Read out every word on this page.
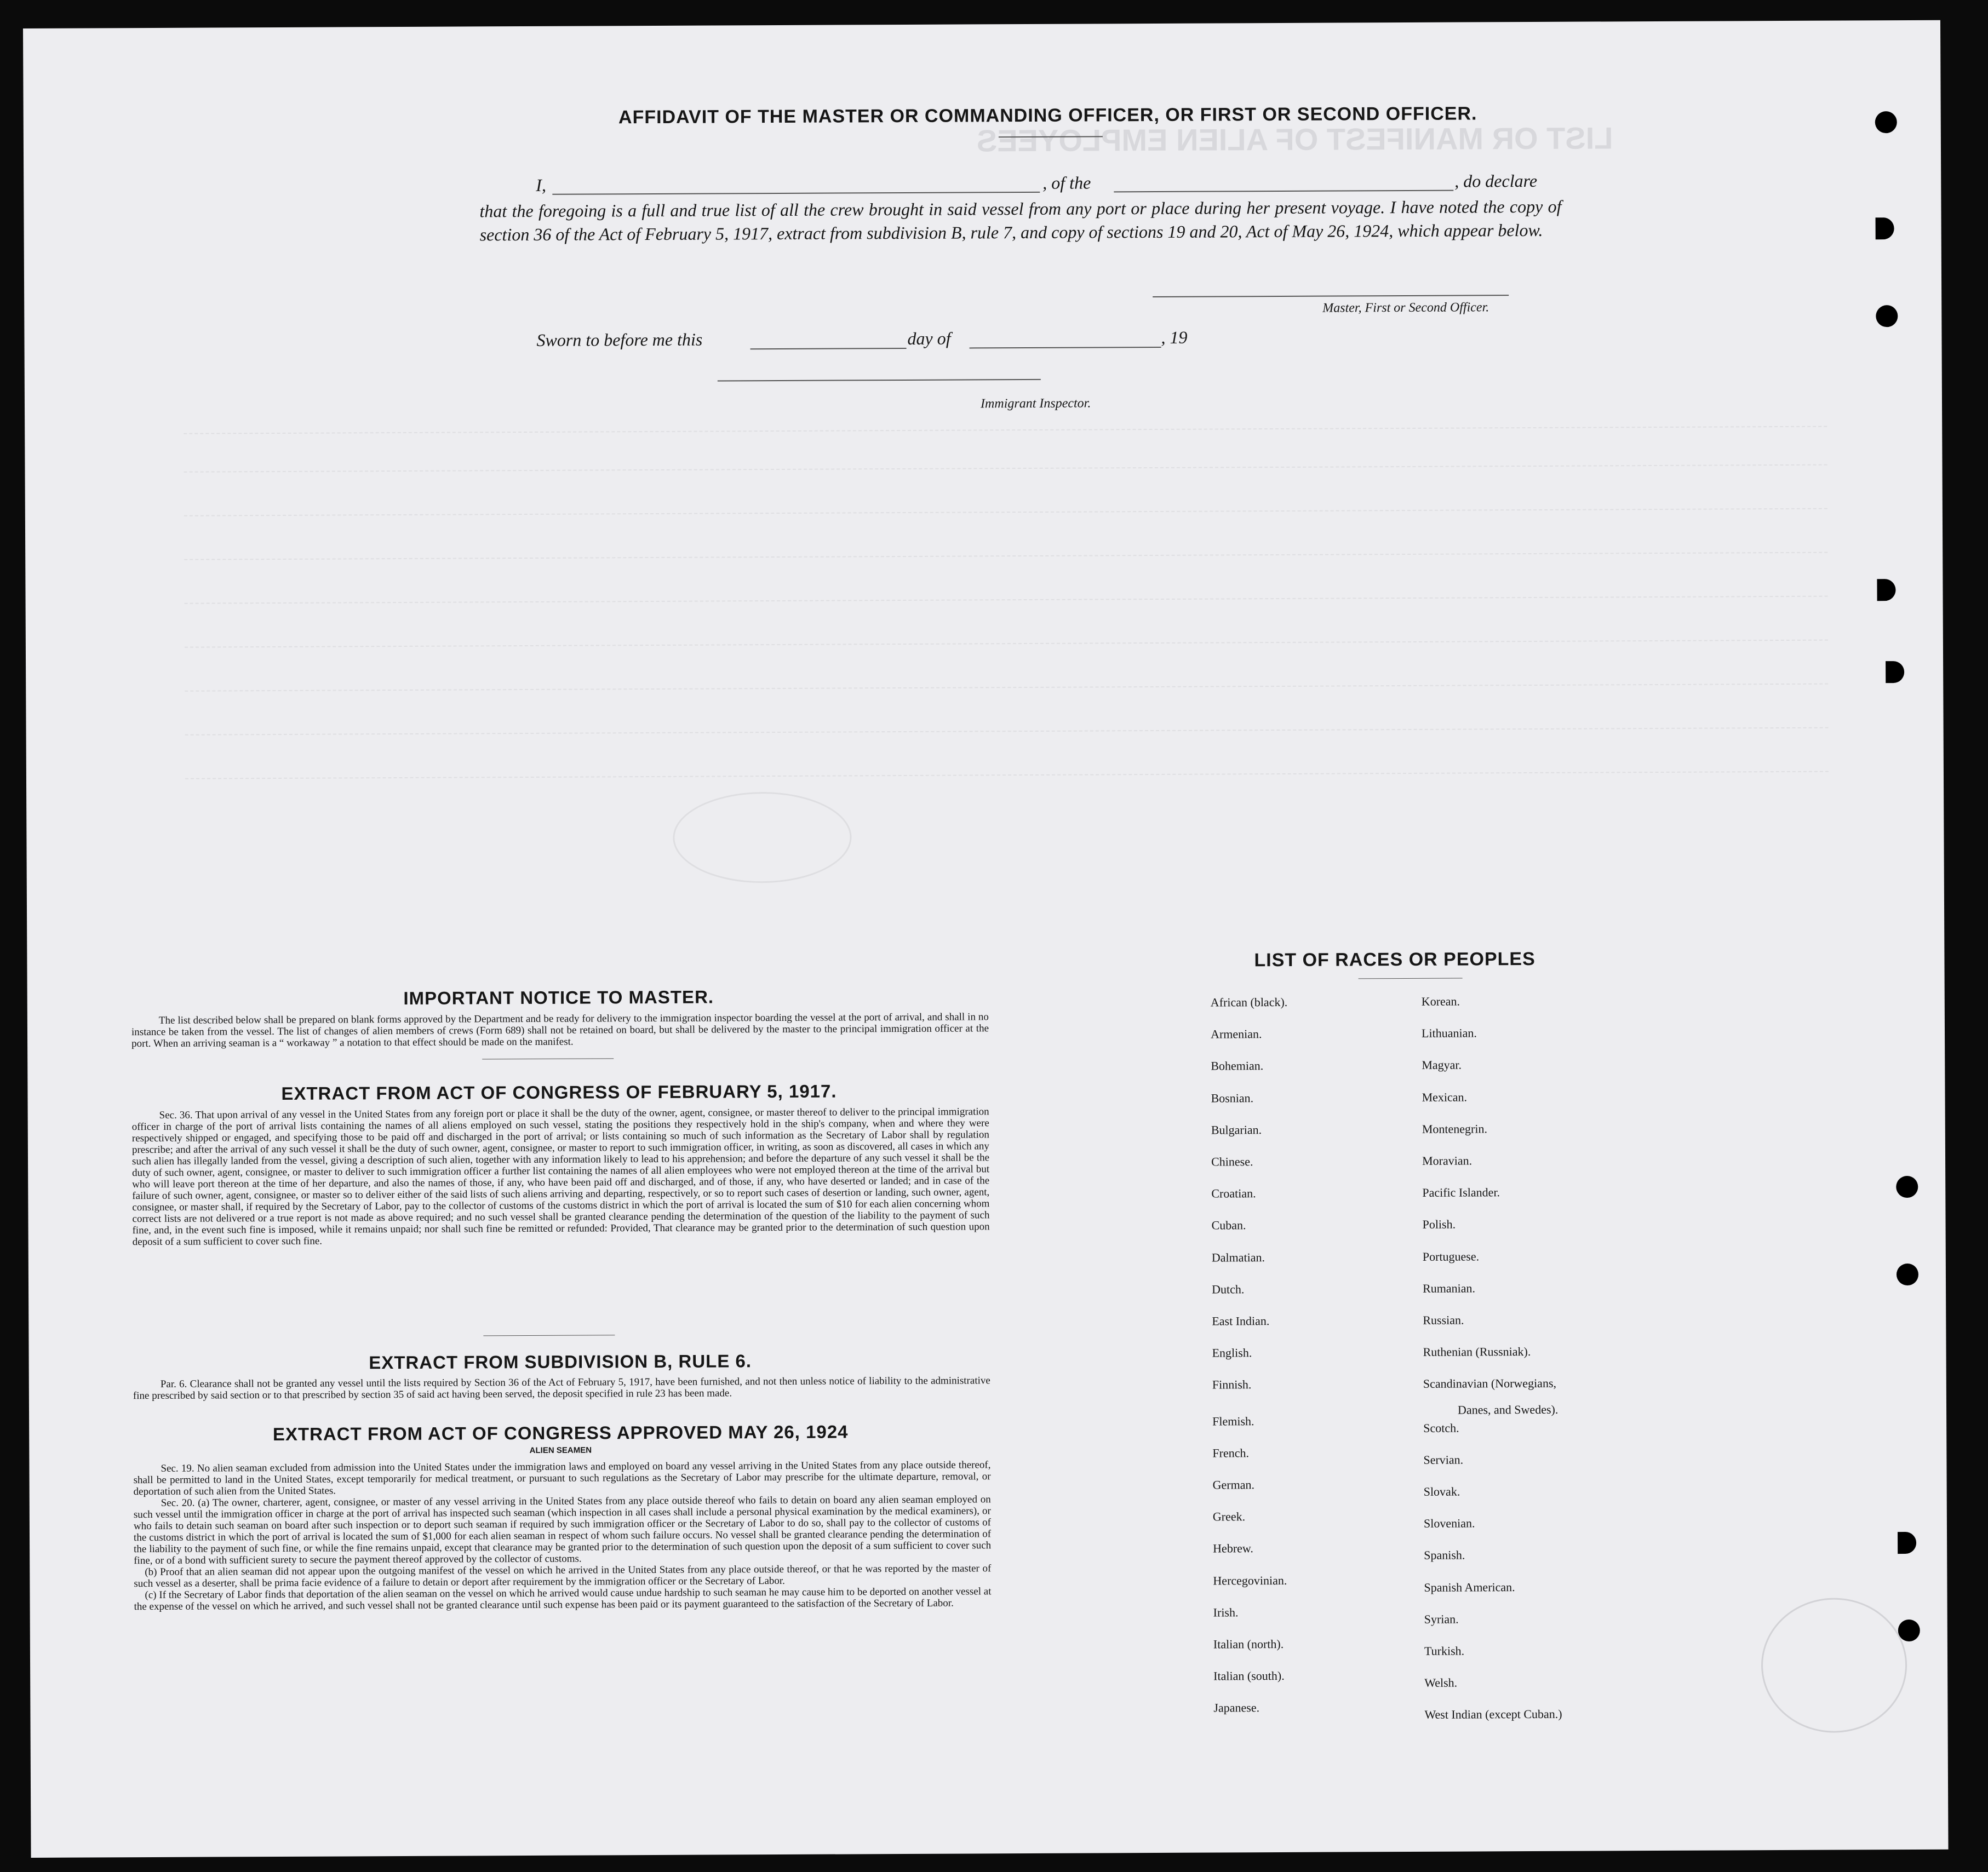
LIST OR MANIFEST OF ALIEN EMPLOYEES
AFFIDAVIT OF THE MASTER OR COMMANDING OFFICER, OR FIRST OR SECOND OFFICER.
I,	, of the	, do declare
that the foregoing is a full and true list of all the crew brought in said vessel from any port or place during her present voyage. I have noted the copy of section 36 of the Act of February 5, 1917, extract from subdivision B, rule 7, and copy of sections 19 and 20, Act of May 26, 1924, which appear below.
Master, First or Second Officer.
Sworn to before me this	day of	, 19
Immigrant Inspector.
IMPORTANT NOTICE TO MASTER.
The list described below shall be prepared on blank forms approved by the Department and be ready for delivery to the immigration inspector boarding the vessel at the port of arrival, and shall in no instance be taken from the vessel. The list of changes of alien members of crews (Form 689) shall not be retained on board, but shall be delivered by the master to the principal immigration officer at the port. When an arriving seaman is a “ workaway ” a notation to that effect should be made on the manifest.
EXTRACT FROM ACT OF CONGRESS OF FEBRUARY 5, 1917.
Sec. 36. That upon arrival of any vessel in the United States from any foreign port or place it shall be the duty of the owner, agent, consignee, or master thereof to deliver to the principal immigration officer in charge of the port of arrival lists containing the names of all aliens employed on such vessel, stating the positions they respectively hold in the ship's company, when and where they were respectively shipped or engaged, and specifying those to be paid off and discharged in the port of arrival; or lists containing so much of such information as the Secretary of Labor shall by regulation prescribe; and after the arrival of any such vessel it shall be the duty of such owner, agent, consignee, or master to report to such immigration officer, in writing, as soon as discovered, all cases in which any such alien has illegally landed from the vessel, giving a description of such alien, together with any information likely to lead to his apprehension; and before the departure of any such vessel it shall be the duty of such owner, agent, consignee, or master to deliver to such immigration officer a further list containing the names of all alien employees who were not employed thereon at the time of the arrival but who will leave port thereon at the time of her departure, and also the names of those, if any, who have been paid off and discharged, and of those, if any, who have deserted or landed; and in case of the failure of such owner, agent, consignee, or master so to deliver either of the said lists of such aliens arriving and departing, respectively, or so to report such cases of desertion or landing, such owner, agent, consignee, or master shall, if required by the Secretary of Labor, pay to the collector of customs of the customs district in which the port of arrival is located the sum of $10 for each alien concerning whom correct lists are not delivered or a true report is not made as above required; and no such vessel shall be granted clearance pending the determination of the question of the liability to the payment of such fine, and, in the event such fine is imposed, while it remains unpaid; nor shall such fine be remitted or refunded: Provided, That clearance may be granted prior to the determination of such question upon deposit of a sum sufficient to cover such fine.
EXTRACT FROM SUBDIVISION B, RULE 6.
Par. 6. Clearance shall not be granted any vessel until the lists required by Section 36 of the Act of February 5, 1917, have been furnished, and not then unless notice of liability to the administrative fine prescribed by said section or to that prescribed by section 35 of said act having been served, the deposit specified in rule 23 has been made.
EXTRACT FROM ACT OF CONGRESS APPROVED MAY 26, 1924
ALIEN SEAMEN
Sec. 19. No alien seaman excluded from admission into the United States under the immigration laws and employed on board any vessel arriving in the United States from any place outside thereof, shall be permitted to land in the United States, except temporarily for medical treatment, or pursuant to such regulations as the Secretary of Labor may prescribe for the ultimate departure, removal, or deportation of such alien from the United States.
Sec. 20. (a) The owner, charterer, agent, consignee, or master of any vessel arriving in the United States from any place outside thereof who fails to detain on board any alien seaman employed on such vessel until the immigration officer in charge at the port of arrival has inspected such seaman (which inspection in all cases shall include a personal physical examination by the medical examiners), or who fails to detain such seaman on board after such inspection or to deport such seaman if required by such immigration officer or the Secretary of Labor to do so, shall pay to the collector of customs of the customs district in which the port of arrival is located the sum of $1,000 for each alien seaman in respect of whom such failure occurs. No vessel shall be granted clearance pending the determination of the liability to the payment of such fine, or while the fine remains unpaid, except that clearance may be granted prior to the determination of such question upon the deposit of a sum sufficient to cover such fine, or of a bond with sufficient surety to secure the payment thereof approved by the collector of customs.
(b) Proof that an alien seaman did not appear upon the outgoing manifest of the vessel on which he arrived in the United States from any place outside thereof, or that he was reported by the master of such vessel as a deserter, shall be prima facie evidence of a failure to detain or deport after requirement by the immigration officer or the Secretary of Labor.
(c) If the Secretary of Labor finds that deportation of the alien seaman on the vessel on which he arrived would cause undue hardship to such seaman he may cause him to be deported on another vessel at the expense of the vessel on which he arrived, and such vessel shall not be granted clearance until such expense has been paid or its payment guaranteed to the satisfaction of the Secretary of Labor.
LIST OF RACES OR PEOPLES
African (black).
Armenian.
Bohemian.
Bosnian.
Bulgarian.
Chinese.
Croatian.
Cuban.
Dalmatian.
Dutch.
East Indian.
English.
Finnish.
Flemish.
French.
German.
Greek.
Hebrew.
Hercegovinian.
Irish.
Italian (north).
Italian (south).
Japanese.
Korean.
Lithuanian.
Magyar.
Mexican.
Montenegrin.
Moravian.
Pacific Islander.
Polish.
Portuguese.
Rumanian.
Russian.
Ruthenian (Russniak).
Scandinavian (Norwegians,
Scotch.
Servian.
Slovak.
Slovenian.
Spanish.
Spanish American.
Syrian.
Turkish.
Welsh.
West Indian (except Cuban.)
Danes, and Swedes).
